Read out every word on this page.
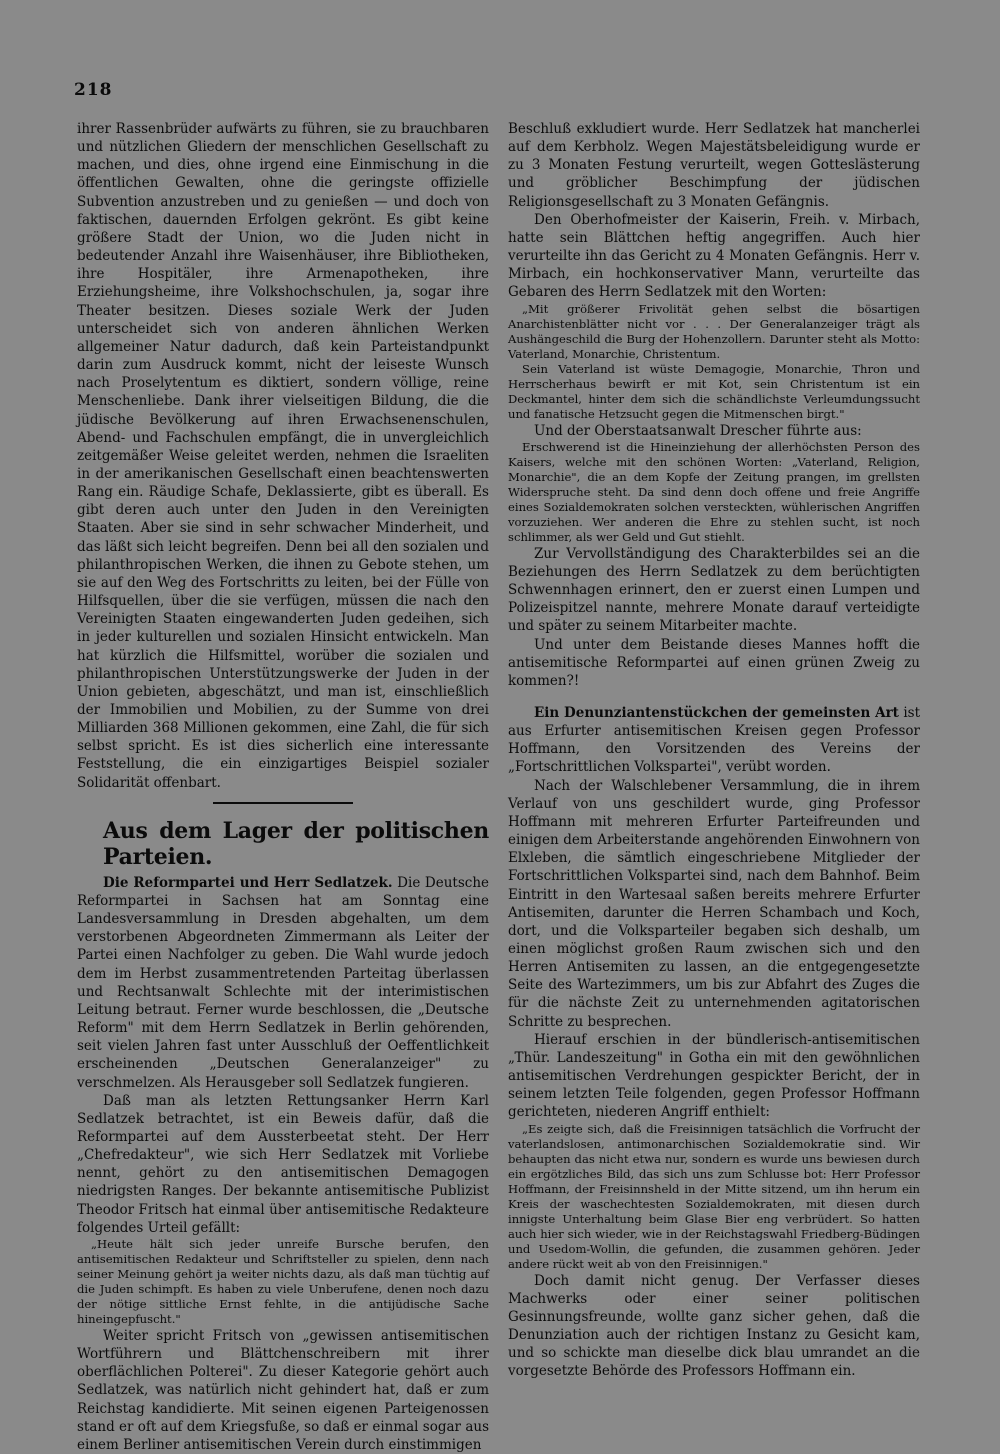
218

ihrer Rassenbrüder aufwärts zu führen, sie zu brauchbaren und nützlichen Gliedern der menschlichen Gesellschaft zu machen, und dies, ohne irgend eine Einmischung in die öffentlichen Gewalten, ohne die geringste offizielle Subvention anzustreben und zu genießen — und doch von faktischen, dauernden Erfolgen gekrönt. Es gibt keine größere Stadt der Union, wo die Juden nicht in bedeutender Anzahl ihre Waisenhäuser, ihre Bibliotheken, ihre Hospitäler, ihre Armenapotheken, ihre Erziehungsheime, ihre Volkshochschulen, ja, sogar ihre Theater besitzen. Dieses soziale Werk der Juden unterscheidet sich von anderen ähnlichen Werken allgemeiner Natur dadurch, daß kein Parteistandpunkt darin zum Ausdruck kommt, nicht der leiseste Wunsch nach Proselytentum es diktiert, sondern völlige, reine Menschenliebe. Dank ihrer vielseitigen Bildung, die die jüdische Bevölkerung auf ihren Erwachsenenschulen, Abend- und Fachschulen empfängt, die in unvergleichlich zeitgemäßer Weise geleitet werden, nehmen die Israeliten in der amerikanischen Gesellschaft einen beachtenswerten Rang ein. Räudige Schafe, Deklassierte, gibt es überall. Es gibt deren auch unter den Juden in den Vereinigten Staaten. Aber sie sind in sehr schwacher Minderheit, und das läßt sich leicht begreifen. Denn bei all den sozialen und philanthropischen Werken, die ihnen zu Gebote stehen, um sie auf den Weg des Fortschritts zu leiten, bei der Fülle von Hilfsquellen, über die sie verfügen, müssen die nach den Vereinigten Staaten eingewanderten Juden gedeihen, sich in jeder kulturellen und sozialen Hinsicht entwickeln. Man hat kürzlich die Hilfsmittel, worüber die sozialen und philanthropischen Unterstützungswerke der Juden in der Union gebieten, abgeschätzt, und man ist, einschließlich der Immobilien und Mobilien, zu der Summe von drei Milliarden 368 Millionen gekommen, eine Zahl, die für sich selbst spricht. Es ist dies sicherlich eine interessante Feststellung, die ein einzigartiges Beispiel sozialer Solidarität offenbart.

Aus dem Lager der politischen Parteien.

Die Reformpartei und Herr Sedlatzek. Die Deutsche Reformpartei in Sachsen hat am Sonntag eine Landesversammlung in Dresden abgehalten, um dem verstorbenen Abgeordneten Zimmermann als Leiter der Partei einen Nachfolger zu geben. Die Wahl wurde jedoch dem im Herbst zusammentretenden Parteitag überlassen und Rechtsanwalt Schlechte mit der interimistischen Leitung betraut. Ferner wurde beschlossen, die „Deutsche Reform" mit dem Herrn Sedlatzek in Berlin gehörenden, seit vielen Jahren fast unter Ausschluß der Oeffentlichkeit erscheinenden „Deutschen Generalanzeiger" zu verschmelzen. Als Herausgeber soll Sedlatzek fungieren.

Daß man als letzten Rettungsanker Herrn Karl Sedlatzek betrachtet, ist ein Beweis dafür, daß die Reformpartei auf dem Aussterbeetat steht. Der Herr „Chefredakteur", wie sich Herr Sedlatzek mit Vorliebe nennt, gehört zu den antisemitischen Demagogen niedrigsten Ranges. Der bekannte antisemitische Publizist Theodor Fritsch hat einmal über antisemitische Redakteure folgendes Urteil gefällt:

„Heute hält sich jeder unreife Bursche berufen, den antisemitischen Redakteur und Schriftsteller zu spielen, denn nach seiner Meinung gehört ja weiter nichts dazu, als daß man tüchtig auf die Juden schimpft. Es haben zu viele Unberufene, denen noch dazu der nötige sittliche Ernst fehlte, in die antijüdische Sache hineingepfuscht."

Weiter spricht Fritsch von „gewissen antisemitischen Wortführern und Blättchenschreibern mit ihrer oberflächlichen Polterei". Zu dieser Kategorie gehört auch Sedlatzek, was natürlich nicht gehindert hat, daß er zum Reichstag kandidierte. Mit seinen eigenen Parteigenossen stand er oft auf dem Kriegsfuße, so daß er einmal sogar aus einem Berliner antisemitischen Verein durch einstimmigen

Beschluß exkludiert wurde. Herr Sedlatzek hat mancherlei auf dem Kerbholz. Wegen Majestätsbeleidigung wurde er zu 3 Monaten Festung verurteilt, wegen Gotteslästerung und gröblicher Beschimpfung der jüdischen Religionsgesellschaft zu 3 Monaten Gefängnis.

Den Oberhofmeister der Kaiserin, Freih. v. Mirbach, hatte sein Blättchen heftig angegriffen. Auch hier verurteilte ihn das Gericht zu 4 Monaten Gefängnis. Herr v. Mirbach, ein hochkonservativer Mann, verurteilte das Gebaren des Herrn Sedlatzek mit den Worten:

„Mit größerer Frivolität gehen selbst die bösartigen Anarchistenblätter nicht vor . . . Der Generalanzeiger trägt als Aushängeschild die Burg der Hohenzollern. Darunter steht als Motto: Vaterland, Monarchie, Christentum.

Sein Vaterland ist wüste Demagogie, Monarchie, Thron und Herrscherhaus bewirft er mit Kot, sein Christentum ist ein Deckmantel, hinter dem sich die schändlichste Verleumdungssucht und fanatische Hetzsucht gegen die Mitmenschen birgt."

Und der Oberstaatsanwalt Drescher führte aus:

Erschwerend ist die Hineinziehung der allerhöchsten Person des Kaisers, welche mit den schönen Worten: „Vaterland, Religion, Monarchie", die an dem Kopfe der Zeitung prangen, im grellsten Widerspruche steht. Da sind denn doch offene und freie Angriffe eines Sozialdemokraten solchen versteckten, wühlerischen Angriffen vorzuziehen. Wer anderen die Ehre zu stehlen sucht, ist noch schlimmer, als wer Geld und Gut stiehlt.

Zur Vervollständigung des Charakterbildes sei an die Beziehungen des Herrn Sedlatzek zu dem berüchtigten Schwennhagen erinnert, den er zuerst einen Lumpen und Polizeispitzel nannte, mehrere Monate darauf verteidigte und später zu seinem Mitarbeiter machte.

Und unter dem Beistande dieses Mannes hofft die antisemitische Reformpartei auf einen grünen Zweig zu kommen?!

Ein Denunziantenstückchen der gemeinsten Art ist aus Erfurter antisemitischen Kreisen gegen Professor Hoffmann, den Vorsitzenden des Vereins der „Fortschrittlichen Volkspartei", verübt worden.

Nach der Walschlebener Versammlung, die in ihrem Verlauf von uns geschildert wurde, ging Professor Hoffmann mit mehreren Erfurter Parteifreunden und einigen dem Arbeiterstande angehörenden Einwohnern von Elxleben, die sämtlich eingeschriebene Mitglieder der Fortschrittlichen Volkspartei sind, nach dem Bahnhof. Beim Eintritt in den Wartesaal saßen bereits mehrere Erfurter Antisemiten, darunter die Herren Schambach und Koch, dort, und die Volksparteiler begaben sich deshalb, um einen möglichst großen Raum zwischen sich und den Herren Antisemiten zu lassen, an die entgegengesetzte Seite des Wartezimmers, um bis zur Abfahrt des Zuges die für die nächste Zeit zu unternehmenden agitatorischen Schritte zu besprechen.

Hierauf erschien in der bündlerisch-antisemitischen „Thür. Landeszeitung" in Gotha ein mit den gewöhnlichen antisemitischen Verdrehungen gespickter Bericht, der in seinem letzten Teile folgenden, gegen Professor Hoffmann gerichteten, niederen Angriff enthielt:

„Es zeigte sich, daß die Freisinnigen tatsächlich die Vorfrucht der vaterlandslosen, antimonarchischen Sozialdemokratie sind. Wir behaupten das nicht etwa nur, sondern es wurde uns bewiesen durch ein ergötzliches Bild, das sich uns zum Schlusse bot: Herr Professor Hoffmann, der Freisinnsheld in der Mitte sitzend, um ihn herum ein Kreis der waschechtesten Sozialdemokraten, mit diesen durch innigste Unterhaltung beim Glase Bier eng verbrüdert. So hatten auch hier sich wieder, wie in der Reichstagswahl Friedberg-Büdingen und Usedom-Wollin, die gefunden, die zusammen gehören. Jeder andere rückt weit ab von den Freisinnigen."

Doch damit nicht genug. Der Verfasser dieses Machwerks oder einer seiner politischen Gesinnungsfreunde, wollte ganz sicher gehen, daß die Denunziation auch der richtigen Instanz zu Gesicht kam, und so schickte man dieselbe dick blau umrandet an die vorgesetzte Behörde des Professors Hoffmann ein.
